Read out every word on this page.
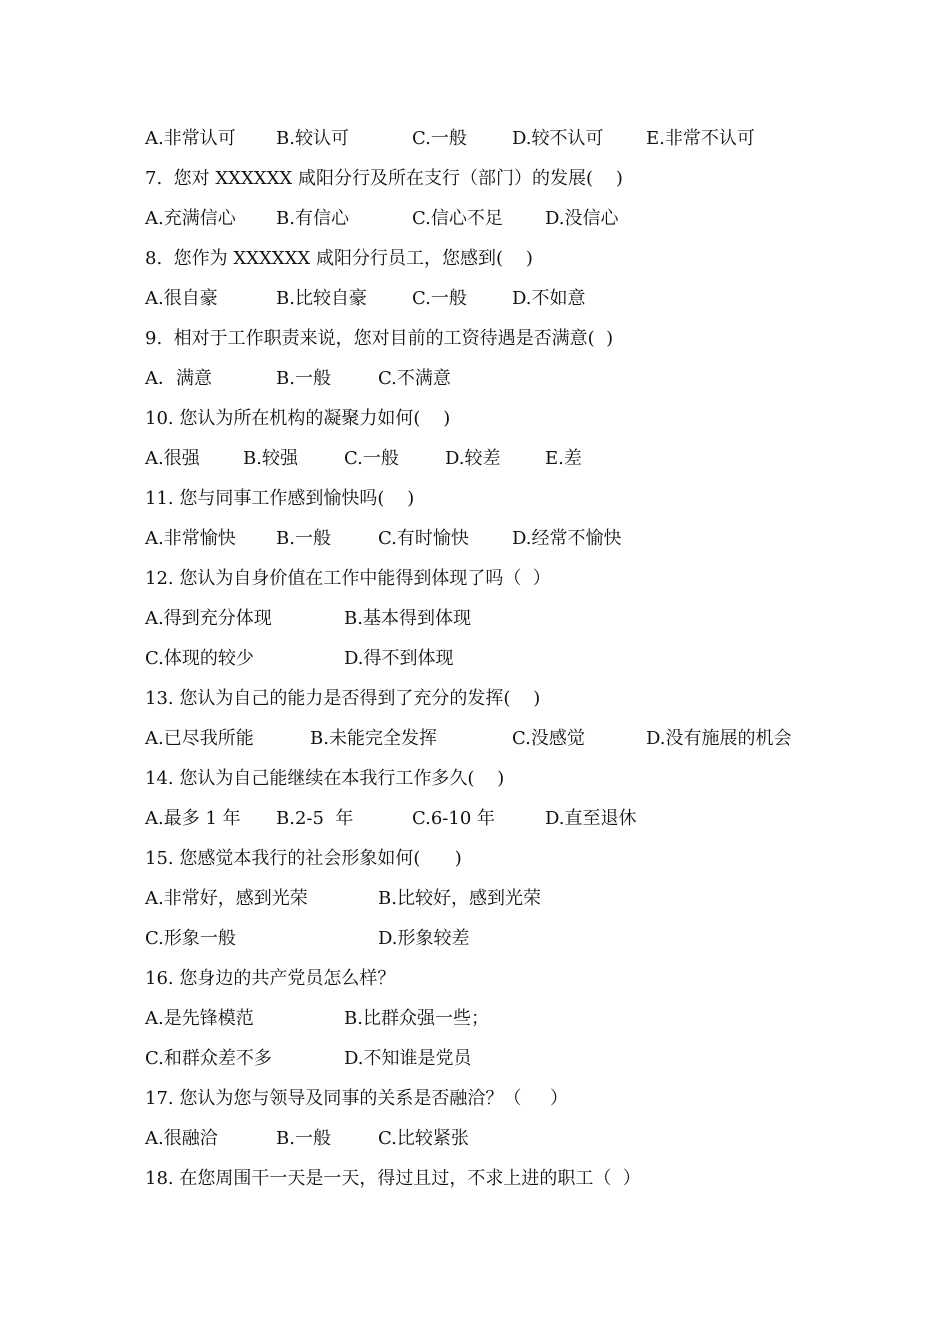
A.非常认可 B.较认可	C.一般	D.较不认可 E.非常不认可
7.  您对 XXXXXX 咸阳分行及所在支行（部门）的发展(    )
A.充满信心 B.有信心	C.信心不足 D.没信心
8.  您作为 XXXXXX 咸阳分行员工，您感到(    )
A.很自豪	B.比较自豪	C.一般	D.不如意
9.  相对于工作职责来说，您对目前的工资待遇是否满意(  )
A．满意	B.一般	C.不满意
10. 您认为所在机构的凝聚力如何(    )
A.很强 B.较强	C.一般	D.较差 E.差
11. 您与同事工作感到愉快吗(    )
A.非常愉快 B.一般	C.有时愉快 D.经常不愉快
12. 您认为自身价值在工作中能得到体现了吗（  ）
A.得到充分体现	B.基本得到体现
C.体现的较少	D.得不到体现
13. 您认为自己的能力是否得到了充分的发挥(    )
A.已尽我所能	B.未能完全发挥	C.没感觉	D.没有施展的机会
14. 您认为自己能继续在本我行工作多久(    )
A.最多 1 年 B.2-5  年	C.6-10 年	D.直至退休
15. 您感觉本我行的社会形象如何(      )
A.非常好，感到光荣	B.比较好，感到光荣
C.形象一般	D.形象较差
16. 您身边的共产党员怎么样？
A.是先锋模范	B.比群众强一些；
C.和群众差不多	D.不知谁是党员
17. 您认为您与领导及同事的关系是否融洽？（     ）
A.很融洽	B.一般	C.比较紧张
18. 在您周围干一天是一天，得过且过，不求上进的职工（  ）
